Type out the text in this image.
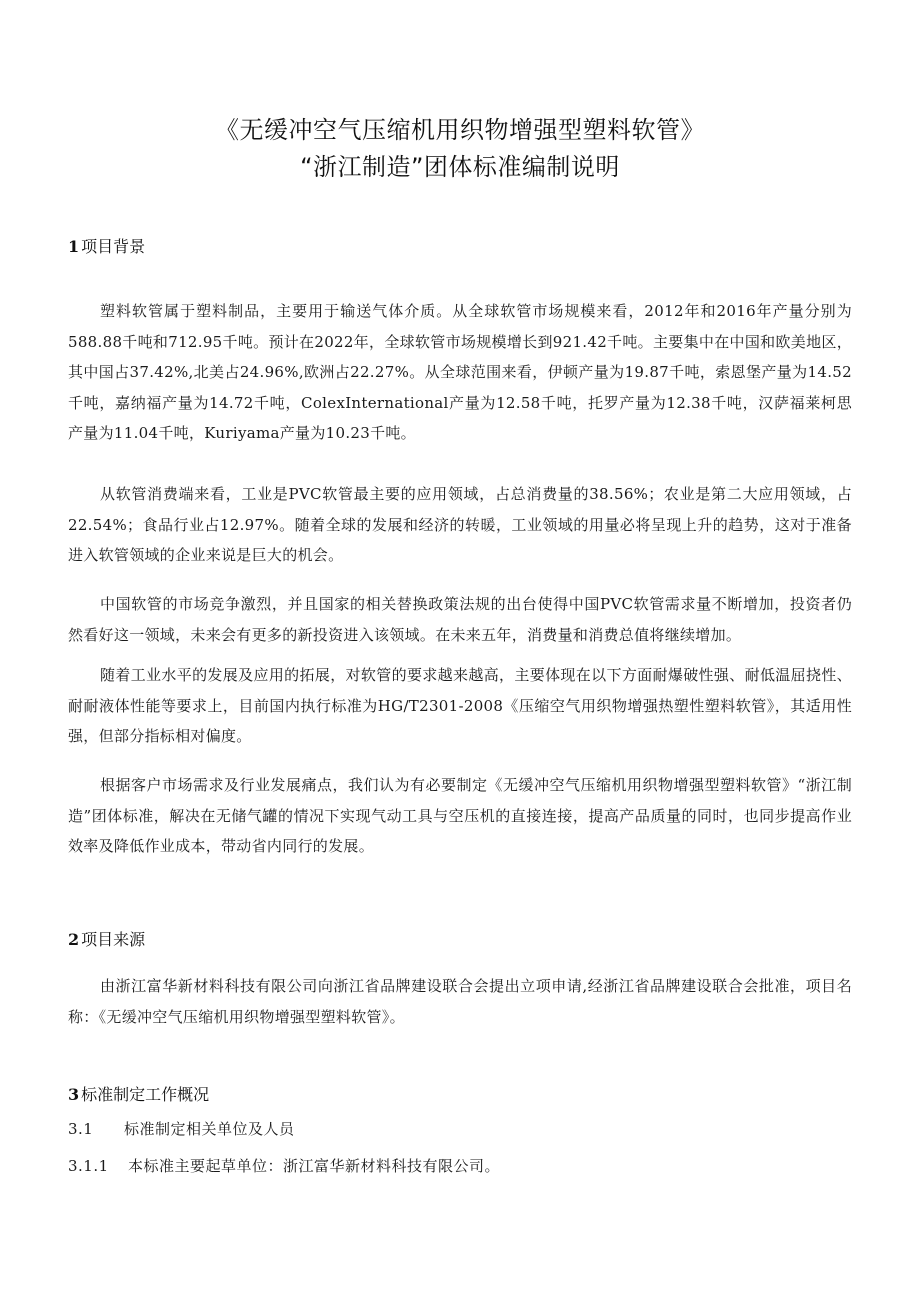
《无缓冲空气压缩机用织物增强型塑料软管》
“浙江制造”团体标准编制说明
1 项目背景
塑料软管属于塑料制品，主要用于输送气体介质。从全球软管市场规模来看，2012年和2016年产量分别为588.88千吨和712.95千吨。预计在2022年，全球软管市场规模增长到921.42千吨。主要集中在中国和欧美地区，其中国占37.42%,北美占24.96%,欧洲占22.27%。从全球范围来看，伊顿产量为19.87千吨，索恩堡产量为14.52千吨，嘉纳福产量为14.72千吨，ColexInternational产量为12.58千吨，托罗产量为12.38千吨，汉萨福莱柯思产量为11.04千吨，Kuriyama产量为10.23千吨。
从软管消费端来看，工业是PVC软管最主要的应用领域，占总消费量的38.56%；农业是第二大应用领域，占22.54%；食品行业占12.97%。随着全球的发展和经济的转暖，工业领域的用量必将呈现上升的趋势，这对于准备进入软管领域的企业来说是巨大的机会。
中国软管的市场竞争激烈，并且国家的相关替换政策法规的出台使得中国PVC软管需求量不断增加，投资者仍然看好这一领域，未来会有更多的新投资进入该领域。在未来五年，消费量和消费总值将继续增加。
随着工业水平的发展及应用的拓展，对软管的要求越来越高，主要体现在以下方面耐爆破性强、耐低温屈挠性、耐耐液体性能等要求上，目前国内执行标准为HG/T2301-2008《压缩空气用织物增强热塑性塑料软管》，其适用性强，但部分指标相对偏度。
根据客户市场需求及行业发展痛点，我们认为有必要制定《无缓冲空气压缩机用织物增强型塑料软管》“浙江制造”团体标准，解决在无储气罐的情况下实现气动工具与空压机的直接连接，提高产品质量的同时，也同步提高作业效率及降低作业成本，带动省内同行的发展。
2 项目来源
由浙江富华新材料科技有限公司向浙江省品牌建设联合会提出立项申请,经浙江省品牌建设联合会批准，项目名称：《无缓冲空气压缩机用织物增强型塑料软管》。
3 标准制定工作概况
3.1 标准制定相关单位及人员
3.1.1 本标准主要起草单位：浙江富华新材料科技有限公司。
